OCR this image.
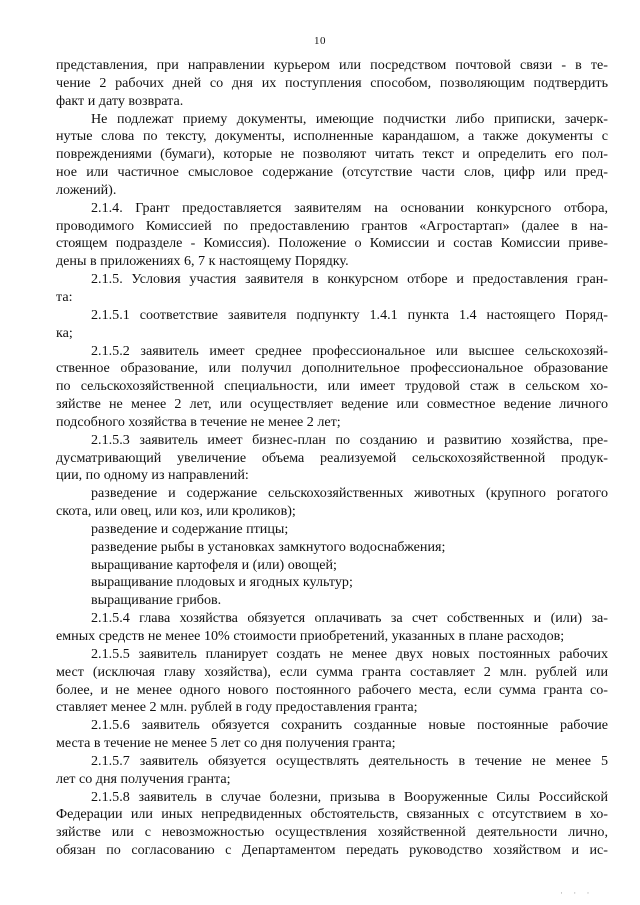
10
представления, при направлении курьером или посредством почтовой связи - в те-
чение 2 рабочих дней со дня их поступления способом, позволяющим подтвердить
факт и дату возврата.
Не подлежат приему документы, имеющие подчистки либо приписки, зачерк-
нутые слова по тексту, документы, исполненные карандашом, а также документы с
повреждениями (бумаги), которые не позволяют читать текст и определить его пол-
ное или частичное смысловое содержание (отсутствие части слов, цифр или пред-
ложений).
2.1.4. Грант предоставляется заявителям на основании конкурсного отбора,
проводимого Комиссией по предоставлению грантов «Агростартап» (далее в на-
стоящем подразделе - Комиссия). Положение о Комиссии и состав Комиссии приве-
дены в приложениях 6, 7 к настоящему Порядку.
2.1.5. Условия участия заявителя в конкурсном отборе и предоставления гран-
та:
2.1.5.1 соответствие заявителя подпункту 1.4.1 пункта 1.4 настоящего Поряд-
ка;
2.1.5.2 заявитель имеет среднее профессиональное или высшее сельскохозяй-
ственное образование, или получил дополнительное профессиональное образование
по сельскохозяйственной специальности, или имеет трудовой стаж в сельском хо-
зяйстве не менее 2 лет, или осуществляет ведение или совместное ведение личного
подсобного хозяйства в течение не менее 2 лет;
2.1.5.3 заявитель имеет бизнес-план по созданию и развитию хозяйства, пре-
дусматривающий увеличение объема реализуемой сельскохозяйственной продук-
ции, по одному из направлений:
разведение и содержание сельскохозяйственных животных (крупного рогатого
скота, или овец, или коз, или кроликов);
разведение и содержание птицы;
разведение рыбы в установках замкнутого водоснабжения;
выращивание картофеля и (или) овощей;
выращивание плодовых и ягодных культур;
выращивание грибов.
2.1.5.4 глава хозяйства обязуется оплачивать за счет собственных и (или) за-
емных средств не менее 10% стоимости приобретений, указанных в плане расходов;
2.1.5.5 заявитель планирует создать не менее двух новых постоянных рабочих
мест (исключая главу хозяйства), если сумма гранта составляет 2 млн. рублей или
более, и не менее одного нового постоянного рабочего места, если сумма гранта со-
ставляет менее 2 млн. рублей в году предоставления гранта;
2.1.5.6 заявитель обязуется сохранить созданные новые постоянные рабочие
места в течение не менее 5 лет со дня получения гранта;
2.1.5.7 заявитель обязуется осуществлять деятельность в течение не менее 5
лет со дня получения гранта;
2.1.5.8 заявитель в случае болезни, призыва в Вооруженные Силы Российской
Федерации или иных непредвиденных обстоятельств, связанных с отсутствием в хо-
зяйстве или с невозможностью осуществления хозяйственной деятельности лично,
обязан по согласованию с Департаментом передать руководство хозяйством и ис-
· · ·
